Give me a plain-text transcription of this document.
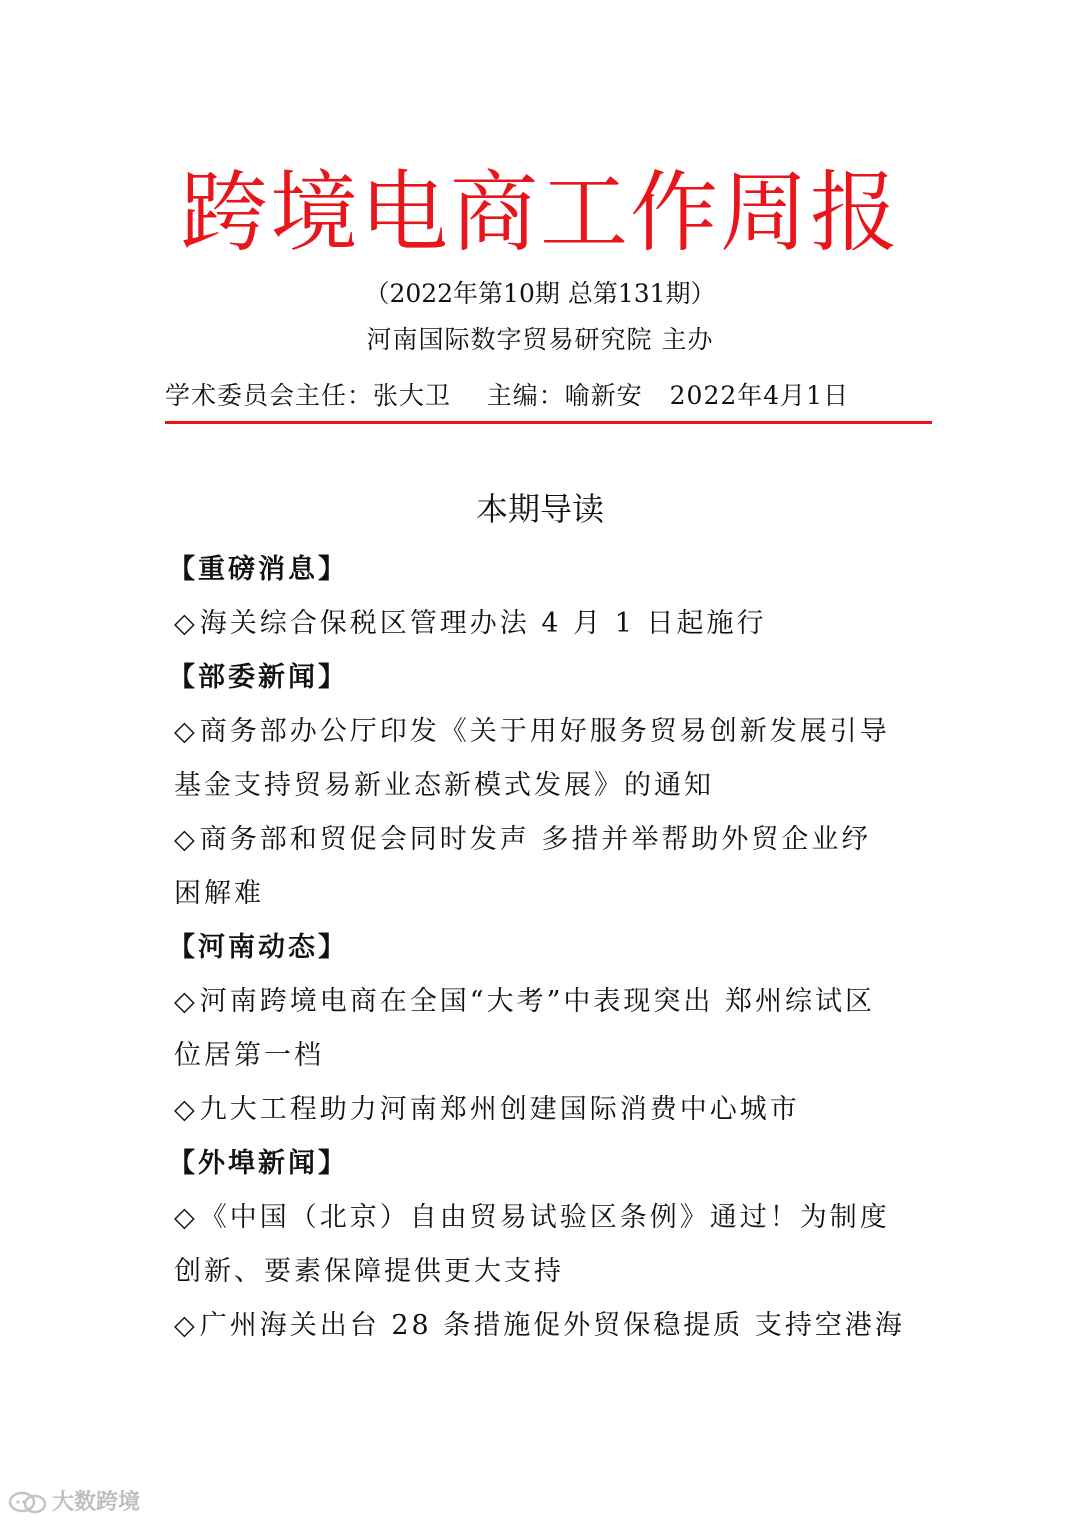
跨境电商工作周报
（2022年第10期 总第131期）
河南国际数字贸易研究院 主办
学术委员会主任：张大卫    主编：喻新安   2022年4月1日
本期导读
【重磅消息】
◇海关综合保税区管理办法 4 月 1 日起施行
【部委新闻】
◇商务部办公厅印发《关于用好服务贸易创新发展引导
基金支持贸易新业态新模式发展》的通知
◇商务部和贸促会同时发声 多措并举帮助外贸企业纾
困解难
【河南动态】
◇河南跨境电商在全国“大考”中表现突出 郑州综试区
位居第一档
◇九大工程助力河南郑州创建国际消费中心城市
【外埠新闻】
◇《中国（北京）自由贸易试验区条例》通过！为制度
创新、要素保障提供更大支持
◇广州海关出台 28 条措施促外贸保稳提质 支持空港海
大数跨境
